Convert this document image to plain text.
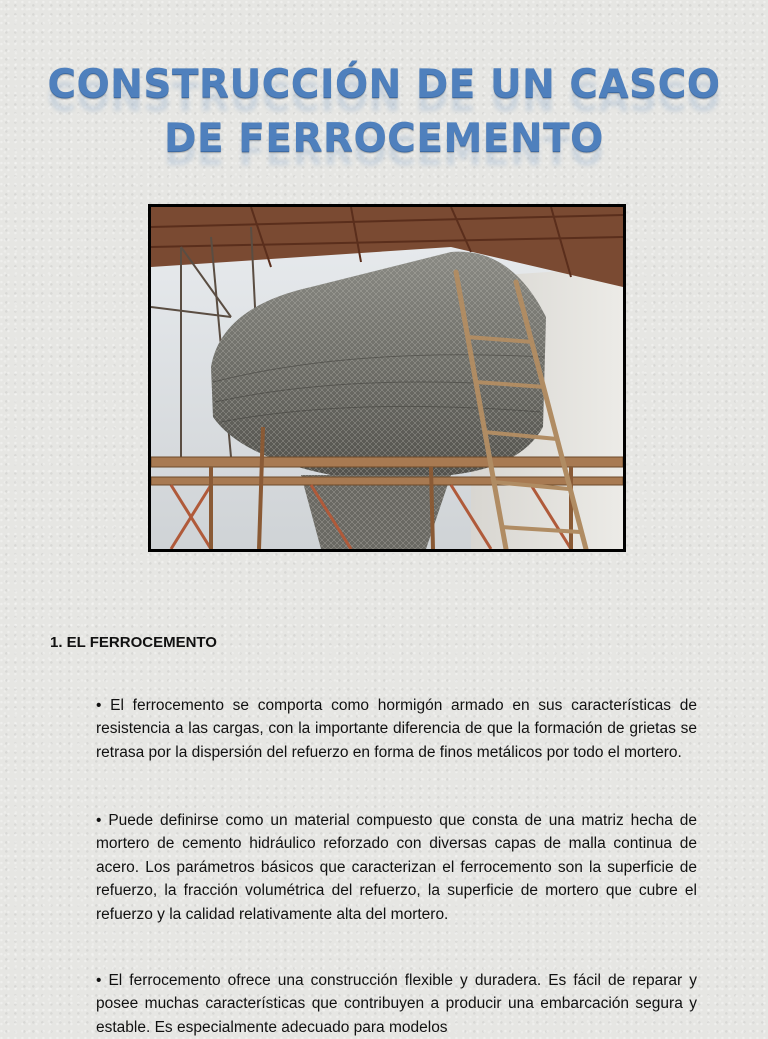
CONSTRUCCIÓN DE UN CASCO
DE FERROCEMENTO
1. EL FERROCEMENTO

• El ferrocemento se comporta como hormigón armado en sus características de resistencia a las cargas, con la importante diferencia de que la formación de grietas se retrasa por la dispersión del refuerzo en forma de finos metálicos por todo el mortero.

• Puede definirse como un material compuesto que consta de una matriz hecha de mortero de cemento hidráulico reforzado con diversas capas de malla continua de acero. Los parámetros básicos que caracterizan el ferrocemento son la superficie de refuerzo, la fracción volumétrica del refuerzo, la superficie de mortero que cubre el refuerzo y la calidad relativamente alta del mortero.

• El ferrocemento ofrece una construcción flexible y duradera. Es fácil de reparar y posee muchas características que contribuyen a producir una embarcación segura y estable. Es especialmente adecuado para modelos
